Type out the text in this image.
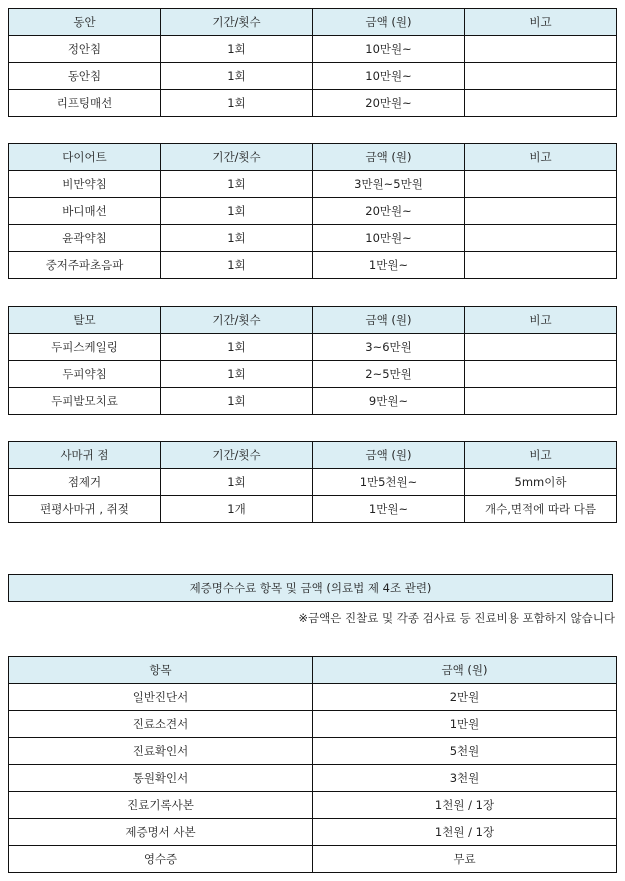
동안	기간/횟수	금액 (원)	비고
정안침	1회	10만원~	
동안침	1회	10만원~	
리프팅매선	1회	20만원~	
다이어트	기간/횟수	금액 (원)	비고
비만약침	1회	3만원~5만원	
바디매선	1회	20만원~	
윤곽약침	1회	10만원~	
중저주파초음파	1회	1만원~	
탈모	기간/횟수	금액 (원)	비고
두피스케일링	1회	3~6만원	
두피약침	1회	2~5만원	
두피발모치료	1회	9만원~	
사마귀 점	기간/횟수	금액 (원)	비고
점제거	1회	1만5천원~	5mm이하
편평사마귀 , 쥐젖	1개	1만원~	개수,면적에 따라 다름
제증명수수료 항목 및 금액 (의료법 제 4조 관련)
※금액은 진찰료 및 각종 검사료 등 진료비용 포함하지 않습니다
항목	금액 (원)
일반진단서	2만원
진료소견서	1만원
진료확인서	5천원
통원확인서	3천원
진료기록사본	1천원 / 1장
제증명서 사본	1천원 / 1장
영수증	무료
